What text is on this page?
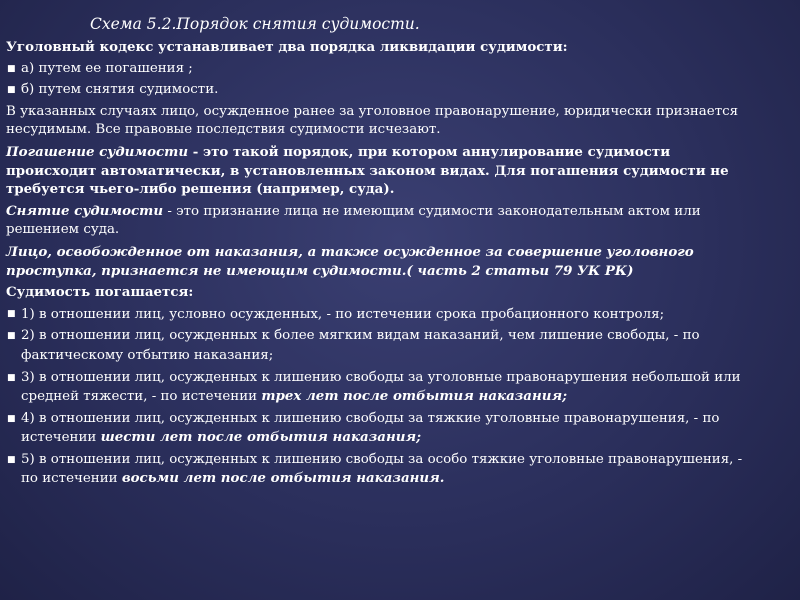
Схема 5.2.Порядок снятия судимости.

Уголовный кодекс устанавливает два порядка ликвидации судимости:

■ а) путем ее погашения ;
■ б) путем снятия судимости.

В указанных случаях лицо, осужденное ранее за уголовное правонарушение, юридически признается несудимым. Все правовые последствия судимости исчезают.

Погашение судимости - это такой порядок, при котором аннулирование судимости происходит автоматически, в установленных законом видах. Для погашения судимости не требуется чьего-либо решения (например, суда).

Снятие судимости - это признание лица не имеющим судимости законодательным актом или решением суда.

Лицо, освобожденное от наказания, а также осужденное за совершение уголовного проступка, признается не имеющим судимости.( часть 2 статьи 79 УК РК)

Судимость погашается:

■ 1) в отношении лиц, условно осужденных, - по истечении срока пробационного контроля;
■ 2) в отношении лиц, осужденных к более мягким видам наказаний, чем лишение свободы, - по фактическому отбытию наказания;
■ 3) в отношении лиц, осужденных к лишению свободы за уголовные правонарушения небольшой или средней тяжести, - по истечении трех лет после отбытия наказания;
■ 4) в отношении лиц, осужденных к лишению свободы за тяжкие уголовные правонарушения, - по истечении шести лет после отбытия наказания;
■ 5) в отношении лиц, осужденных к лишению свободы за особо тяжкие уголовные правонарушения, - по истечении восьми лет после отбытия наказания.
